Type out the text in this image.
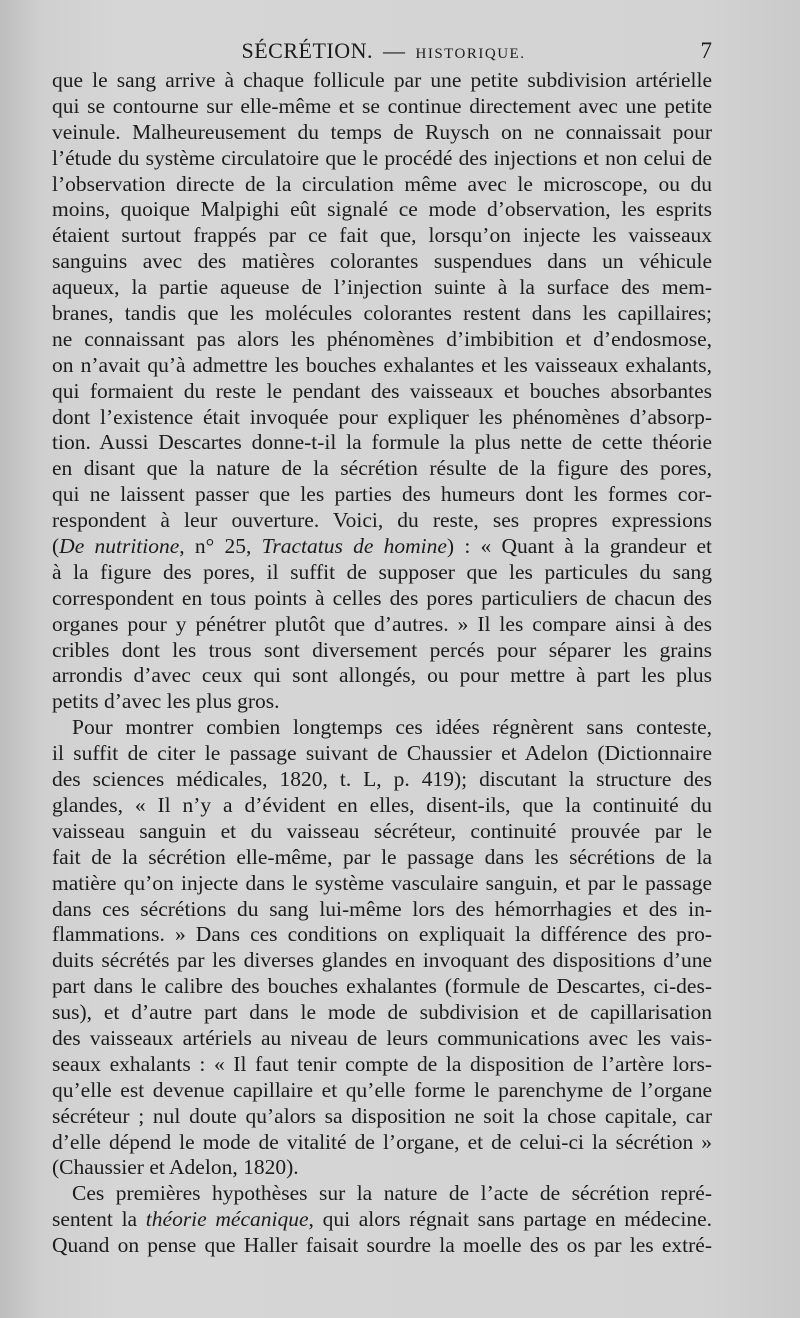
SÉCRÉTION. — HISTORIQUE.	7
que le sang arrive à chaque follicule par une petite subdivision artérielle
qui se contourne sur elle-même et se continue directement avec une petite
veinule. Malheureusement du temps de Ruysch on ne connaissait pour
l’étude du système circulatoire que le procédé des injections et non celui de
l’observation directe de la circulation même avec le microscope, ou du
moins, quoique Malpighi eût signalé ce mode d’observation, les esprits
étaient surtout frappés par ce fait que, lorsqu’on injecte les vaisseaux
sanguins avec des matières colorantes suspendues dans un véhicule
aqueux, la partie aqueuse de l’injection suinte à la surface des mem-
branes, tandis que les molécules colorantes restent dans les capillaires;
ne connaissant pas alors les phénomènes d’imbibition et d’endosmose,
on n’avait qu’à admettre les bouches exhalantes et les vaisseaux exhalants,
qui formaient du reste le pendant des vaisseaux et bouches absorbantes
dont l’existence était invoquée pour expliquer les phénomènes d’absorp-
tion. Aussi Descartes donne-t-il la formule la plus nette de cette théorie
en disant que la nature de la sécrétion résulte de la figure des pores,
qui ne laissent passer que les parties des humeurs dont les formes cor-
respondent à leur ouverture. Voici, du reste, ses propres expressions
(De nutritione, n° 25, Tractatus de homine) : « Quant à la grandeur et
à la figure des pores, il suffit de supposer que les particules du sang
correspondent en tous points à celles des pores particuliers de chacun des
organes pour y pénétrer plutôt que d’autres. » Il les compare ainsi à des
cribles dont les trous sont diversement percés pour séparer les grains
arrondis d’avec ceux qui sont allongés, ou pour mettre à part les plus
petits d’avec les plus gros.
Pour montrer combien longtemps ces idées régnèrent sans conteste,
il suffit de citer le passage suivant de Chaussier et Adelon (Dictionnaire
des sciences médicales, 1820, t. L, p. 419); discutant la structure des
glandes, « Il n’y a d’évident en elles, disent-ils, que la continuité du
vaisseau sanguin et du vaisseau sécréteur, continuité prouvée par le
fait de la sécrétion elle-même, par le passage dans les sécrétions de la
matière qu’on injecte dans le système vasculaire sanguin, et par le passage
dans ces sécrétions du sang lui-même lors des hémorrhagies et des in-
flammations. » Dans ces conditions on expliquait la différence des pro-
duits sécrétés par les diverses glandes en invoquant des dispositions d’une
part dans le calibre des bouches exhalantes (formule de Descartes, ci-des-
sus), et d’autre part dans le mode de subdivision et de capillarisation
des vaisseaux artériels au niveau de leurs communications avec les vais-
seaux exhalants : « Il faut tenir compte de la disposition de l’artère lors-
qu’elle est devenue capillaire et qu’elle forme le parenchyme de l’organe
sécréteur ; nul doute qu’alors sa disposition ne soit la chose capitale, car
d’elle dépend le mode de vitalité de l’organe, et de celui-ci la sécrétion »
(Chaussier et Adelon, 1820).
Ces premières hypothèses sur la nature de l’acte de sécrétion repré-
sentent la théorie mécanique, qui alors régnait sans partage en médecine.
Quand on pense que Haller faisait sourdre la moelle des os par les extré-
